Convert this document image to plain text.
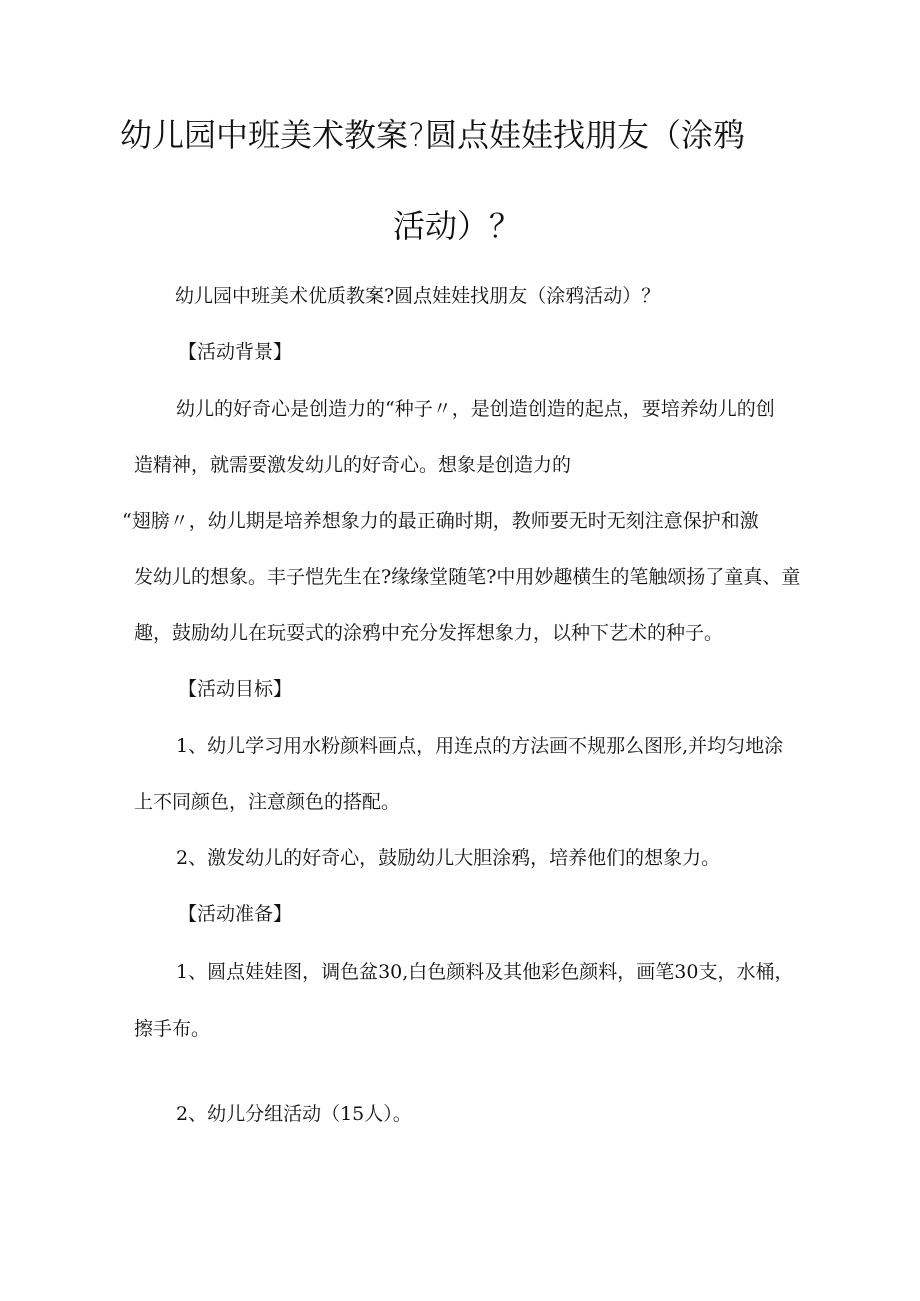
幼儿园中班美术教案?圆点娃娃找朋友（涂鸦
活动）？
幼儿园中班美术优质教案?圆点娃娃找朋友（涂鸦活动）？
【活动背景】
幼儿的好奇心是创造力的“种子〃，是创造创造的起点，要培养幼儿的创
造精神，就需要激发幼儿的好奇心。想象是创造力的
“翅膀〃，幼儿期是培养想象力的最正确时期，教师要无时无刻注意保护和激
发幼儿的想象。丰子恺先生在?缘缘堂随笔?中用妙趣横生的笔触颂扬了童真、童
趣，鼓励幼儿在玩耍式的涂鸦中充分发挥想象力，以种下艺术的种子。
【活动目标】
1、幼儿学习用水粉颜料画点，用连点的方法画不规那么图形,并均匀地涂
上不同颜色，注意颜色的搭配。
2、激发幼儿的好奇心，鼓励幼儿大胆涂鸦，培养他们的想象力。
【活动准备】
1、圆点娃娃图，调色盆30,白色颜料及其他彩色颜料，画笔30支，水桶，
擦手布。
2、幼儿分组活动（15人）。
